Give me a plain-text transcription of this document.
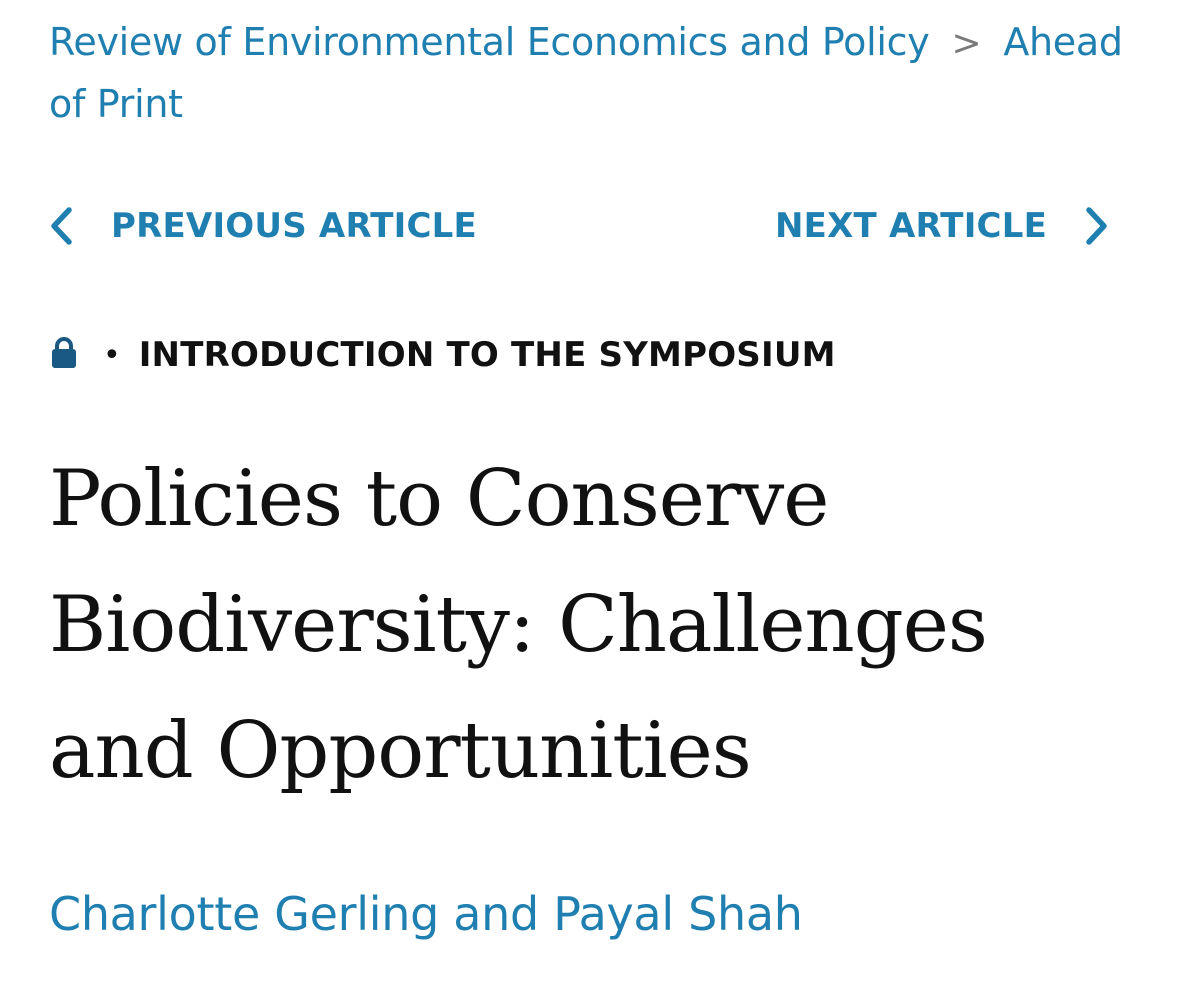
Review of Environmental Economics and Policy > Ahead of Print
PREVIOUS ARTICLE	NEXT ARTICLE
• INTRODUCTION TO THE SYMPOSIUM
Policies to Conserve Biodiversity: Challenges and Opportunities
Charlotte Gerling and Payal Shah
